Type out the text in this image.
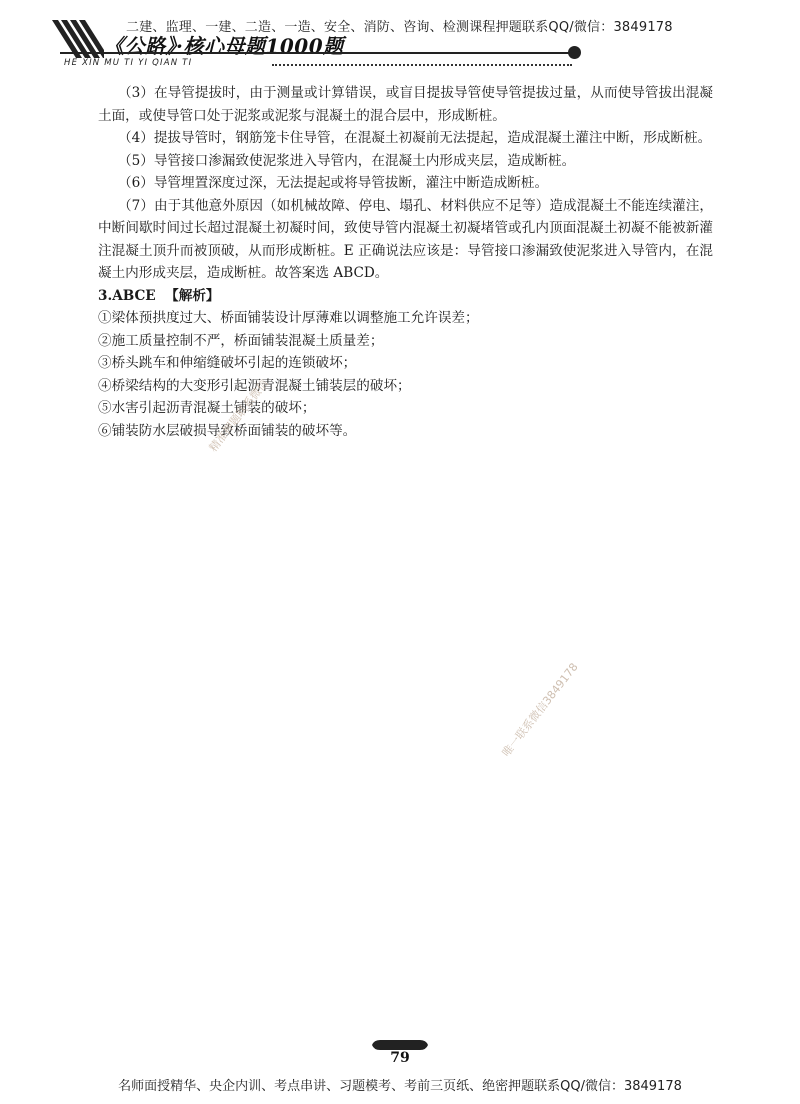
二建、监理、一建、二造、一造、安全、消防、咨询、检测课程押题联系QQ/微信：3849178
《公路》·核心母题1000题
HE XIN MU TI YI QIAN TI

（3）在导管提拔时，由于测量或计算错误，或盲目提拔导管使导管提拔过量，从而使导管拔出混凝土面，或使导管口处于泥浆或泥浆与混凝土的混合层中，形成断桩。

（4）提拔导管时，钢筋笼卡住导管，在混凝土初凝前无法提起，造成混凝土灌注中断，形成断桩。

（5）导管接口渗漏致使泥浆进入导管内，在混凝土内形成夹层，造成断桩。

（6）导管埋置深度过深，无法提起或将导管拔断，灌注中断造成断桩。

（7）由于其他意外原因（如机械故障、停电、塌孔、材料供应不足等）造成混凝土不能连续灌注，中断间歇时间过长超过混凝土初凝时间，致使导管内混凝土初凝堵管或孔内顶面混凝土初凝不能被新灌注混凝土顶升而被顶破，从而形成断桩。E 正确说法应该是：导管接口渗漏致使泥浆进入导管内，在混凝土内形成夹层，造成断桩。故答案选 ABCD。

3.ABCE 【解析】

①梁体预拱度过大、桥面铺装设计厚薄难以调整施工允许误差；

②施工质量控制不严，桥面铺装混凝土质量差；

③桥头跳车和伸缩缝破坏引起的连锁破坏；

④桥梁结构的大变形引起沥青混凝土铺装层的破坏；

⑤水害引起沥青混凝土铺装的破坏；

⑥铺装防水层破损导致桥面铺装的破坏等。

精准押题联系微信
唯一联系微信3849178
79
名师面授精华、央企内训、考点串讲、习题模考、考前三页纸、绝密押题联系QQ/微信：3849178
